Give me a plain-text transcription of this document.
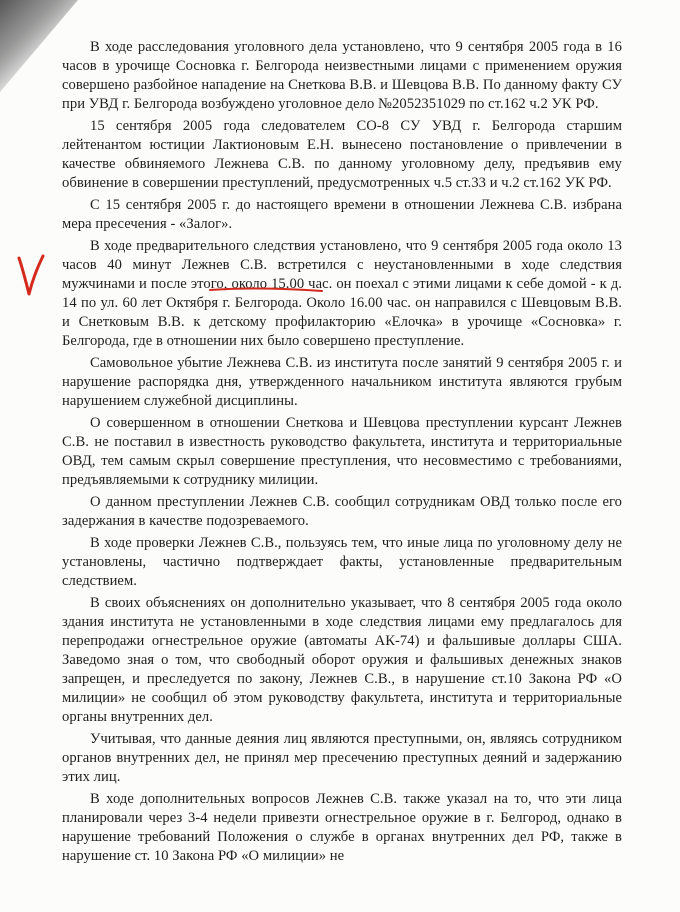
В ходе расследования уголовного дела установлено, что 9 сентября 2005 года в 16 часов в урочище Сосновка г. Белгорода неизвестными лицами с применением оружия совершено разбойное нападение на Снеткова В.В. и Шевцова В.В. По данному факту СУ при УВД г. Белгорода возбуждено уголовное дело №2052351029 по ст.162 ч.2 УК РФ.

15 сентября 2005 года следователем СО-8 СУ УВД г. Белгорода старшим лейтенантом юстиции Лактионовым Е.Н. вынесено постановление о привлечении в качестве обвиняемого Лежнева С.В. по данному уголовному делу, предъявив ему обвинение в совершении преступлений, предусмотренных ч.5 ст.33 и ч.2 ст.162 УК РФ.

С 15 сентября 2005 г. до настоящего времени в отношении Лежнева С.В. избрана мера пресечения - «Залог».

В ходе предварительного следствия установлено, что 9 сентября 2005 года около 13 часов 40 минут Лежнев С.В. встретился с неустановленными в ходе следствия мужчинами и после этого, около 15.00 час. он поехал с этими лицами к себе домой - к д. 14 по ул. 60 лет Октября г. Белгорода. Около 16.00 час. он направился с Шевцовым В.В. и Снетковым В.В. к детскому профилакторию «Елочка» в урочище «Сосновка» г. Белгорода, где в отношении них было совершено преступление.

Самовольное убытие Лежнева С.В. из института после занятий 9 сентября 2005 г. и нарушение распорядка дня, утвержденного начальником института являются грубым нарушением служебной дисциплины.

О совершенном в отношении Снеткова и Шевцова преступлении курсант Лежнев С.В. не поставил в известность руководство факультета, института и территориальные ОВД, тем самым скрыл совершение преступления, что несовместимо с требованиями, предъявляемыми к сотруднику милиции.

О данном преступлении Лежнев С.В. сообщил сотрудникам ОВД только после его задержания в качестве подозреваемого.

В ходе проверки Лежнев С.В., пользуясь тем, что иные лица по уголовному делу не установлены, частично подтверждает факты, установленные предварительным следствием.

В своих объяснениях он дополнительно указывает, что 8 сентября 2005 года около здания института не установленными в ходе следствия лицами ему предлагалось для перепродажи огнестрельное оружие (автоматы АК-74) и фальшивые доллары США. Заведомо зная о том, что свободный оборот оружия и фальшивых денежных знаков запрещен, и преследуется по закону, Лежнев С.В., в нарушение ст.10 Закона РФ «О милиции» не сообщил об этом руководству факультета, института и территориальные органы внутренних дел.

Учитывая, что данные деяния лиц являются преступными, он, являясь сотрудником органов внутренних дел, не принял мер пресечению преступных деяний и задержанию этих лиц.

В ходе дополнительных вопросов Лежнев С.В. также указал на то, что эти лица планировали через 3-4 недели привезти огнестрельное оружие в г. Белгород, однако в нарушение требований Положения о службе в органах внутренних дел РФ, также в нарушение ст. 10 Закона РФ «О милиции» не
